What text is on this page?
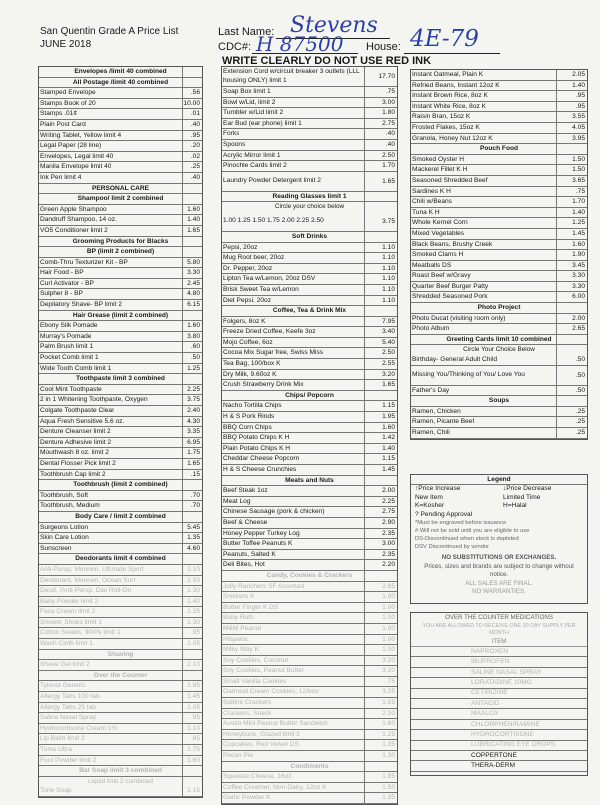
San Quentin Grade A Price List
JUNE 2018
Last Name: Stevens
CDC#: H 87500 House: 4E-79
WRITE CLEARLY DO NOT USE RED INK
Envelopes /limit 40 combined
All Postage /limit 40 combined
Stamped Envelope	.56
Stamps Book of 20	10.00
Stamps .01¢	.01
Plain Post Card	.40
Writing Tablet, Yellow limit 4	.95
Legal Paper (28 line)	.20
Envelopes, Legal limit 40	.02
Manila Envelope limit 40	.25
Ink Pen limit 4	.40
PERSONAL CARE
Shampoo/ limit 2 combined
Green Apple Shampoo	1.60
Dandruff Shampoo, 14 oz.	1.40
VO5 Conditioner limit 2	1.65
Grooming Products for Blacks
BP (limit 2 combined)
Comb-Thru Texturizer Kit - BP	5.80
Hair Food - BP	3.30
Curl Activator - BP	2.45
Sulpher 8 - BP	4.80
Depilatory Shave- BP limit 2	6.15
Hair Grease (limit 2 combined)
Ebony Silk Pomade	1.60
Murray's Pomade	3.80
Palm Brush limit 1	.60
Pocket Comb limit 1	.50
Wide Tooth Comb limit 1	1.25
Toothpaste limit 3 combined
Cool Mint Toothpaste	2.25
2 in 1 Whitening Toothpaste, Oxygen	3.75
Colgate Toothpaste Clear	2.40
Aqua Fresh Sensitive 5.6 oz.	4.30
Denture Cleanser limit 2	3.35
Denture Adhesive limit 2	6.95
Mouthwash 8 oz. limit 2	1.75
Dental Flosser Pick limit 2	1.65
Toothbrush Cap limit 2	.15
Toothbrush (limit 2 combined)
Toothbrush, Soft	.70
Toothbrush, Medium	.70
Body Care / limit 2 combined
Surgeons Lotion	5.45
Skin Care Lotion	1.35
Sunscreen	4.60
Deodorants limit 4 combined
Anti-Persp, Mennen, Ultimate Sport	3.10
Deodorant, Mennen, Ocean Surf	2.50
Deod. /Anti-Persp. Dial Roll-On	1.30
Baby Powder limit 2	1.40
Face Cream limit 2	1.25
Shower Shoes limit 1	1.30
Cotton Swabs, 90/Pk limit 1	.95
Wash Cloth limit 1	1.05
Shaving
Shave Gel limit 2	2.10
Over the Counter
Tylenol Generic	1.85
Allergy Tabs 100 tab	1.45
Allergy Tabs 25 tab	1.05
Saline Nasal Spray	.95
Hydrocortisone Cream 1%	1.10
Lip Balm limit 2	.85
Tums Ultra	1.75
Foot Powder limit 2	1.60
Bar Soap limit 3 combined
Liquid limit 2 combined
Tone Soap	1.15
Extension Cord w/circuit breaker 3 outlets (LLL housing ONLY) limit 1	17.70
Soap Box limit 1	.75
Bowl w/Lid, limit 2	3.00
Tumbler w/Lid limit 2	1.80
Ear Bud (ear phone) limit 1	2.75
Forks	.40
Spoons	.40
Acrylic Mirror limit 1	2.50
Pinochle Cards limit 2	1.70
Laundry Powder Detergent limit 2	1.65
Reading Glasses limit 1
Circle your choice below
1.00 1.25 1.50 1.75 2.00 2.25 2.50	3.75
Soft Drinks
Pepsi, 20oz	1.10
Mug Root beer, 20oz	1.10
Dr. Pepper, 20oz	1.10
Lipton Tea w/Lemon, 20oz DSV	1.10
Brisk Sweet Tea w/Lemon	1.10
Diet Pepsi, 20oz	1.10
Coffee, Tea & Drink Mix
Folgers, 8oz K	7.95
Freeze Dried Coffee, Keefe 3oz	3.40
Mojo Coffee, 6oz	5.40
Cocoa Mix Sugar free, Swiss Miss	2.50
Tea Bag, 100/box K	2.55
Dry Milk, 9.60oz K	3.20
Crush Strawberry Drink Mix	1.65
Chips/ Popcorn
Nacho Tortilla Chips	1.15
H & S Pork Rinds	1.95
BBQ Corn Chips	1.60
BBQ Potato Chips K H	1.42
Plain Potato Chips K H	1.40
Cheddar Cheese Popcorn	1.15
H & S Cheese Crunchies	1.45
Meats and Nuts
Beef Steak 1oz	2.00
Meat Log	2.25
Chinese Sausage (pork & chicken)	2.75
Beef & Cheese	2.90
Honey Pepper Turkey Log	2.35
Butter Toffee Peanuts K	3.00
Peanuts, Salted K	2.35
Deli Bites, Hot	2.20
Candy, Cookies & Crackers
Jolly Ranchers SF Assorted	2.85
Snickers K	1.00
Butter Finger K DS	1.00
Baby Ruth	1.00
M&M Peanut	1.00
Hispanic	1.00
Milky Way K	1.00
Soy Cookies, Coconut	3.20
Soy Cookies, Peanut Butter	3.20
Small Vanilla Cookies	.75
Oatmeal Cream Cookies, 12/box	3.25
Saltine Crackers	1.55
Crackers, Snack	2.30
Austin Mini Peanut Butter Sandwich	1.60
Honeybuns, Glazed limit 2	1.25
Cupcakes, Red Velvet DS	1.35
Pecan Pie	1.30
Condiments
Squeeze Cheese, 16oz	1.95
Coffee Creamer, Non-Dairy, 12oz K	1.50
Garlic Powder K	1.35
Instant Oatmeal, Plain K	2.05
Refried Beans, Instant 12oz K	1.40
Instant Brown Rice, 8oz K	.95
Instant White Rice, 8oz K	.95
Raisin Bran, 15oz K	3.55
Frosted Flakes, 15oz K	4.05
Granola, Honey Nut 12oz K	3.95
Pouch Food
Smoked Oyster H	1.50
Mackerel Fillet K H	1.50
Seasoned Shredded Beef	3.65
Sardines K H	.75
Chili w/Beans	1.70
Tuna K H	1.40
Whole Kernel Corn	1.25
Mixed Vegetables	1.45
Black Beans, Brushy Creek	1.60
Smoked Clams H	1.90
Meatballs DS	3.45
Roast Beef w/Gravy	3.30
Quarter Beef Burger Patty	3.30
Shredded Seasoned Pork	6.00
Photo Project
Photo Ducat (visiting room only)	2.00
Photo Album	2.65
Greeting Cards limit 10 combined
Circle Your Choice Below
Birthday- General Adult Child	.50
Missing You/Thinking of You/ Love You	.50
Father's Day	.50
Soups
Ramen, Chicken	.25
Ramen, Picante Beef	.25
Ramen, Chili	.25
Legend
↑Price Increase
New Item
K=Kosher
? Pending Approval
↓Price Decrease
Limited Time
H=Halal
*Must be engraved before issuance
# Will not be sold until you are eligible to use
DS-Discontinued when stock is depleted
DSV Discontinued by vendor
NO SUBSTITUTIONS OR EXCHANGES.
Prices, sizes and brands are subject to change without notice.
ALL SALES ARE FINAL.
NO WARRANTIES.
OVER THE COUNTER MEDICATIONS
YOU ARE ALLOWED TO RECEIVE ONE 30 DAY SUPPLY PER MONTH
ITEM
NAPROXEN
IBUPROFEN
SALINE NASAL SPRAY
LORATADINE 10MG
CETIRIZINE
ANTACID
MAALOX
CHLORPHENIRAMINE
HYDROCORTISONE
LUBRICATING EYE DROPS
COPPERTONE
THERA-DERM
